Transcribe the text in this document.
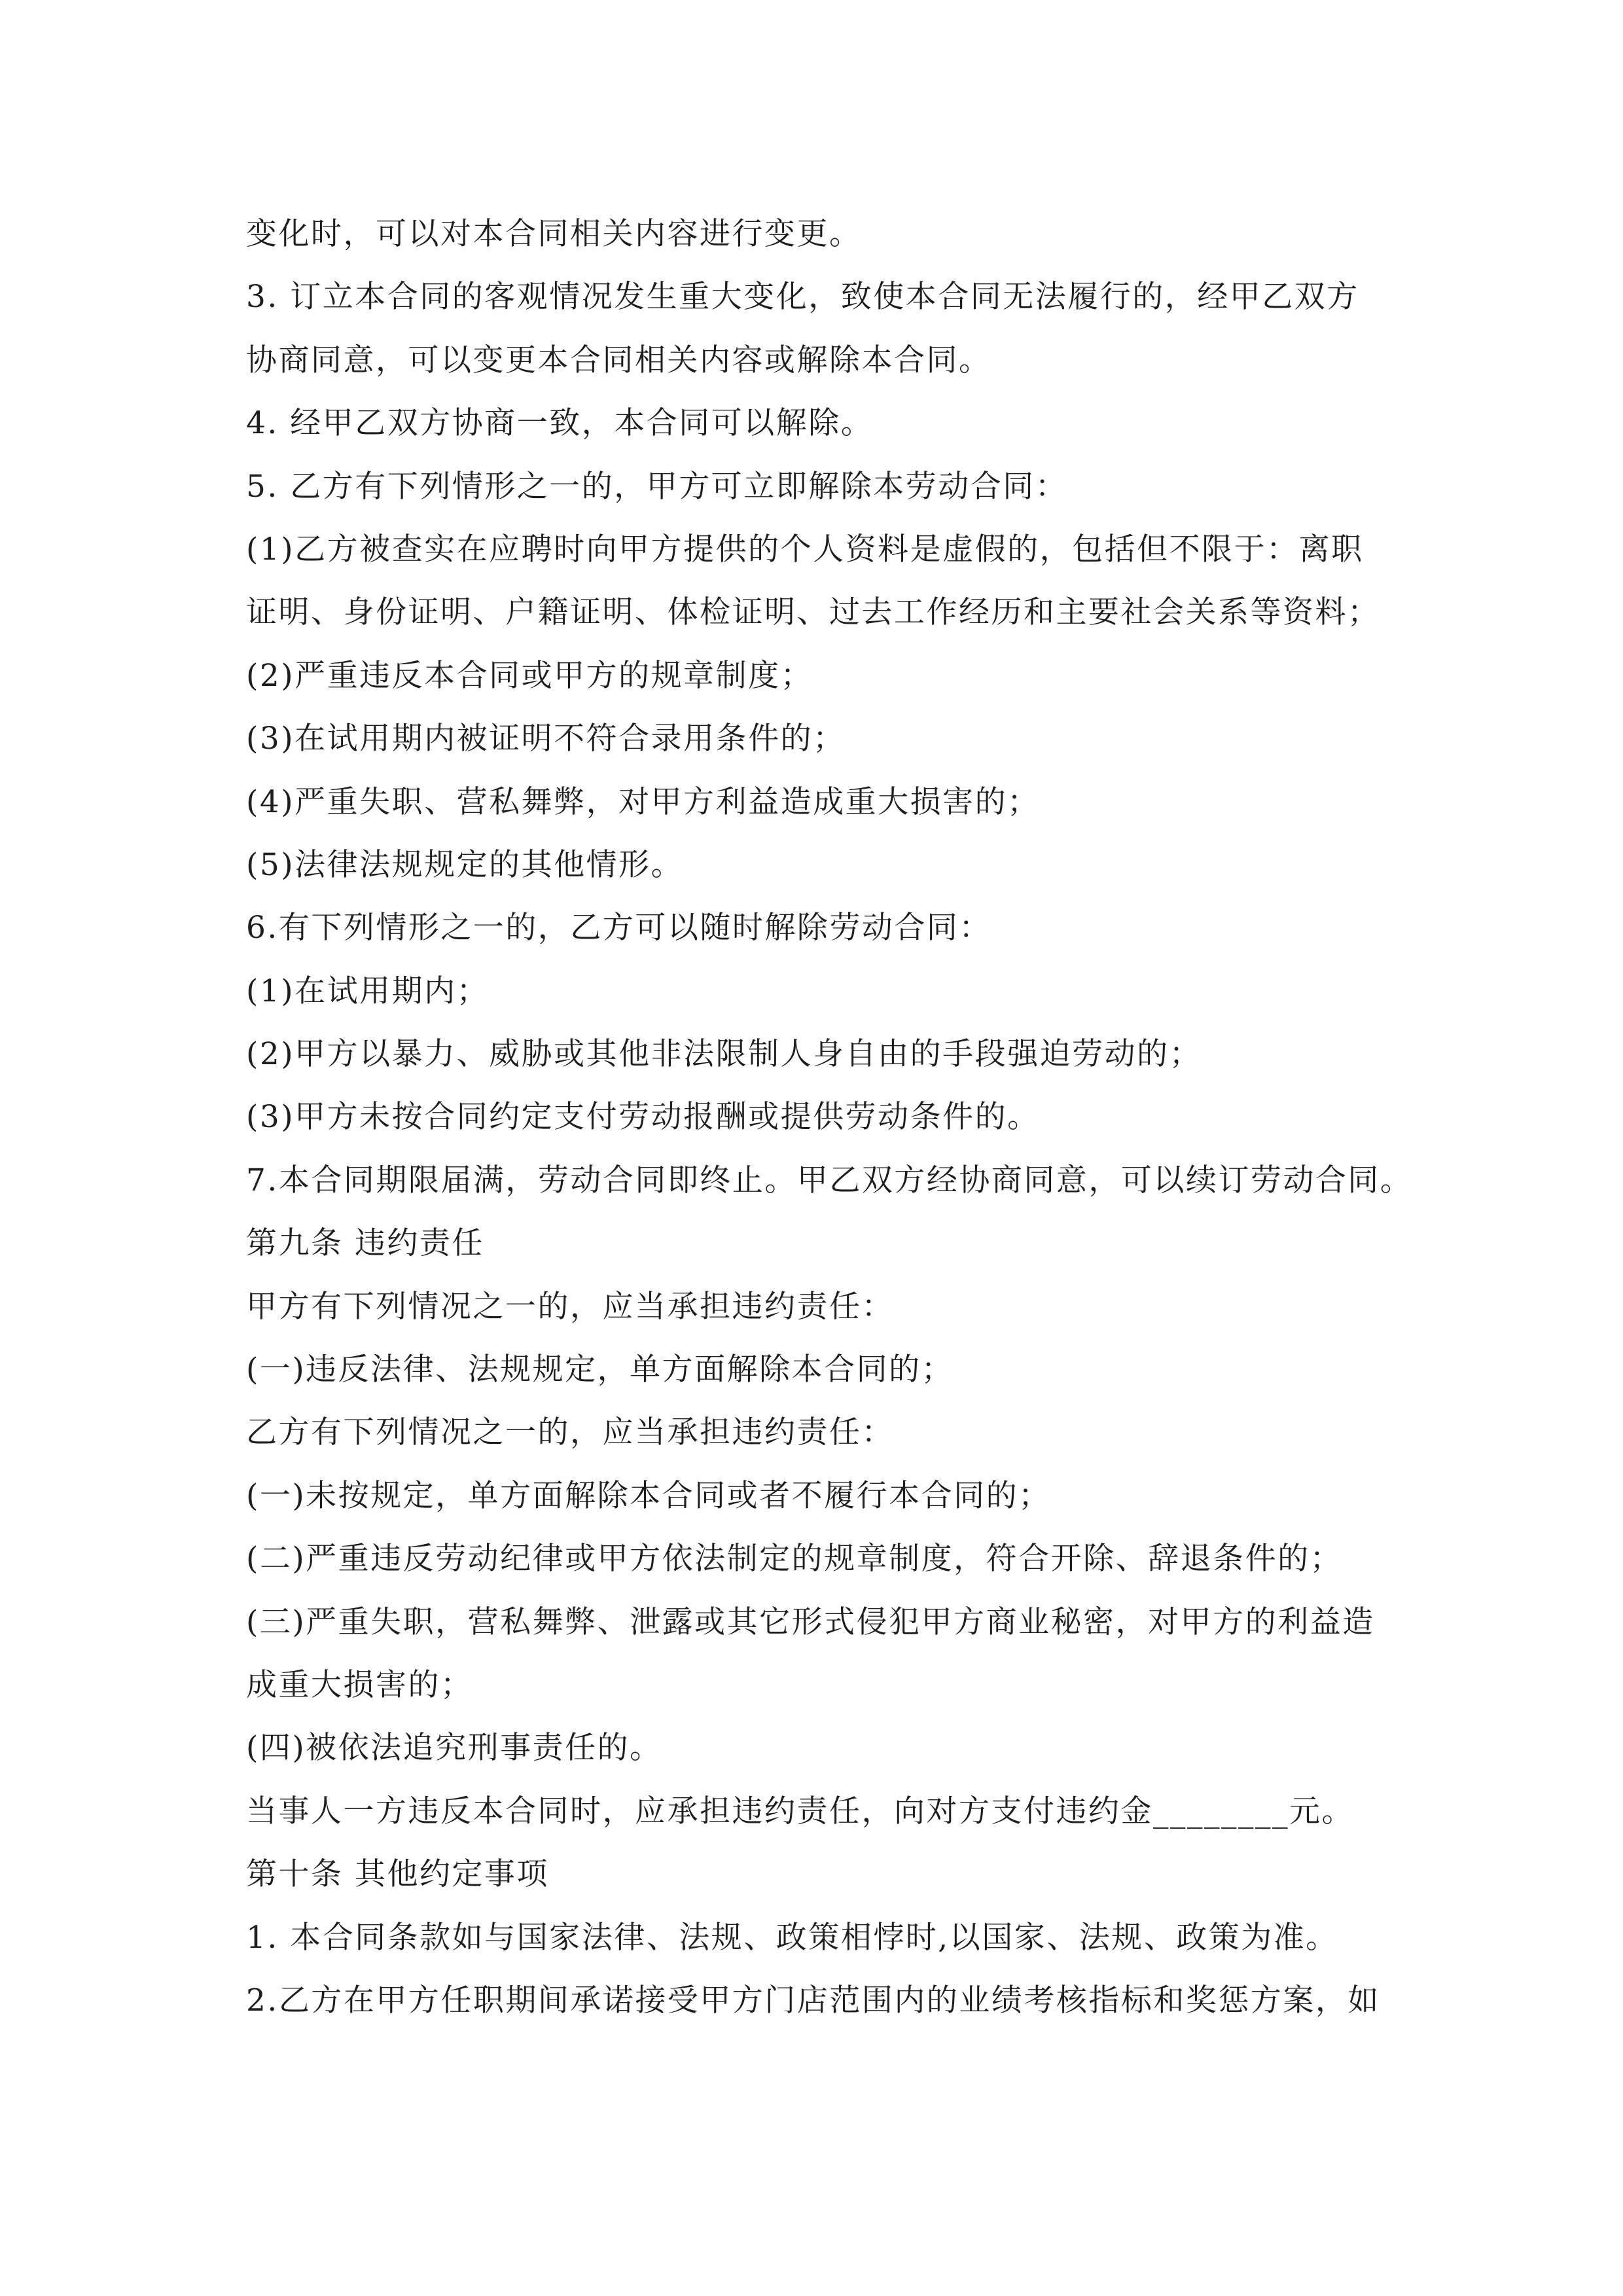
变化时，可以对本合同相关内容进行变更。
3. 订立本合同的客观情况发生重大变化，致使本合同无法履行的，经甲乙双方
协商同意，可以变更本合同相关内容或解除本合同。
4. 经甲乙双方协商一致，本合同可以解除。
5. 乙方有下列情形之一的，甲方可立即解除本劳动合同：
(1)乙方被查实在应聘时向甲方提供的个人资料是虚假的，包括但不限于：离职
证明、身份证明、户籍证明、体检证明、过去工作经历和主要社会关系等资料；
(2)严重违反本合同或甲方的规章制度；
(3)在试用期内被证明不符合录用条件的；
(4)严重失职、营私舞弊，对甲方利益造成重大损害的；
(5)法律法规规定的其他情形。
6.有下列情形之一的，乙方可以随时解除劳动合同：
(1)在试用期内；
(2)甲方以暴力、威胁或其他非法限制人身自由的手段强迫劳动的；
(3)甲方未按合同约定支付劳动报酬或提供劳动条件的。
7.本合同期限届满，劳动合同即终止。甲乙双方经协商同意，可以续订劳动合同。
第九条 违约责任
甲方有下列情况之一的，应当承担违约责任：
(一)违反法律、法规规定，单方面解除本合同的；
乙方有下列情况之一的，应当承担违约责任：
(一)未按规定，单方面解除本合同或者不履行本合同的；
(二)严重违反劳动纪律或甲方依法制定的规章制度，符合开除、辞退条件的；
(三)严重失职，营私舞弊、泄露或其它形式侵犯甲方商业秘密，对甲方的利益造
成重大损害的；
(四)被依法追究刑事责任的。
当事人一方违反本合同时，应承担违约责任，向对方支付违约金________元。
第十条 其他约定事项
1. 本合同条款如与国家法律、法规、政策相悖时,以国家、法规、政策为准。
2.乙方在甲方任职期间承诺接受甲方门店范围内的业绩考核指标和奖惩方案，如
